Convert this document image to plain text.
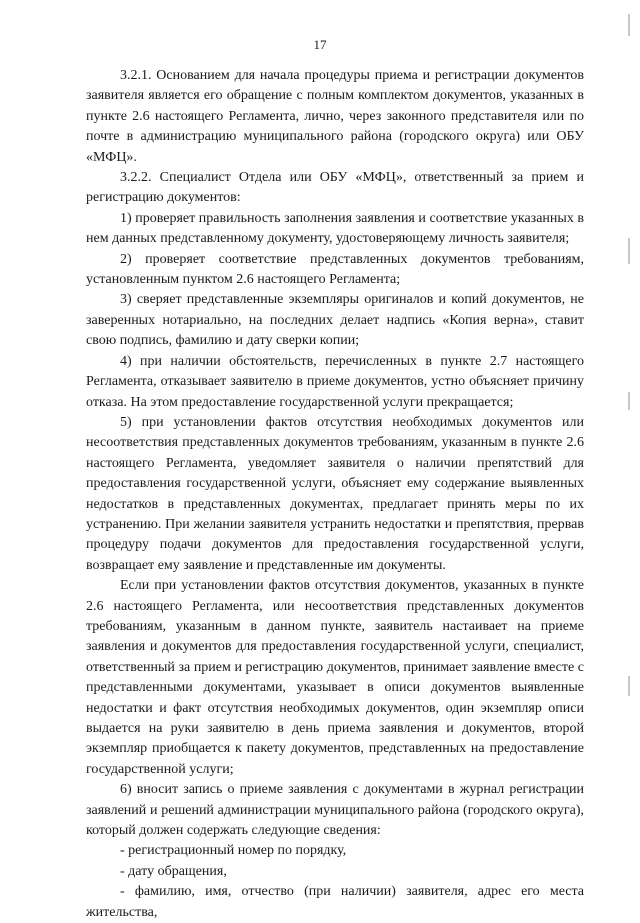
17

3.2.1. Основанием для начала процедуры приема и регистрации документов заявителя является его обращение с полным комплектом документов, указанных в пункте 2.6 настоящего Регламента, лично, через законного представителя или по почте в администрацию муниципального района (городского округа) или ОБУ «МФЦ».

3.2.2. Специалист Отдела или ОБУ «МФЦ», ответственный за прием и регистрацию документов:

1) проверяет правильность заполнения заявления и соответствие указанных в нем данных представленному документу, удостоверяющему личность заявителя;

2) проверяет соответствие представленных документов требованиям, установленным пунктом 2.6 настоящего Регламента;

3) сверяет представленные экземпляры оригиналов и копий документов, не заверенных нотариально, на последних делает надпись «Копия верна», ставит свою подпись, фамилию и дату сверки копии;

4) при наличии обстоятельств, перечисленных в пункте 2.7 настоящего Регламента, отказывает заявителю в приеме документов, устно объясняет причину отказа. На этом предоставление государственной услуги прекращается;

5) при установлении фактов отсутствия необходимых документов или несоответствия представленных документов требованиям, указанным в пункте 2.6 настоящего Регламента, уведомляет заявителя о наличии препятствий для предоставления государственной услуги, объясняет ему содержание выявленных недостатков в представленных документах, предлагает принять меры по их устранению. При желании заявителя устранить недостатки и препятствия, прервав процедуру подачи документов для предоставления государственной услуги, возвращает ему заявление и представленные им документы.

Если при установлении фактов отсутствия документов, указанных в пункте 2.6 настоящего Регламента, или несоответствия представленных документов требованиям, указанным в данном пункте, заявитель настаивает на приеме заявления и документов для предоставления государственной услуги, специалист, ответственный за прием и регистрацию документов, принимает заявление вместе с представленными документами, указывает в описи документов выявленные недостатки и факт отсутствия необходимых документов, один экземпляр описи выдается на руки заявителю в день приема заявления и документов, второй экземпляр приобщается к пакету документов, представленных на предоставление государственной услуги;

6) вносит запись о приеме заявления с документами в журнал регистрации заявлений и решений администрации муниципального района (городского округа), который должен содержать следующие сведения:

- регистрационный номер по порядку,

- дату обращения,

- фамилию, имя, отчество (при наличии) заявителя, адрес его места жительства,
